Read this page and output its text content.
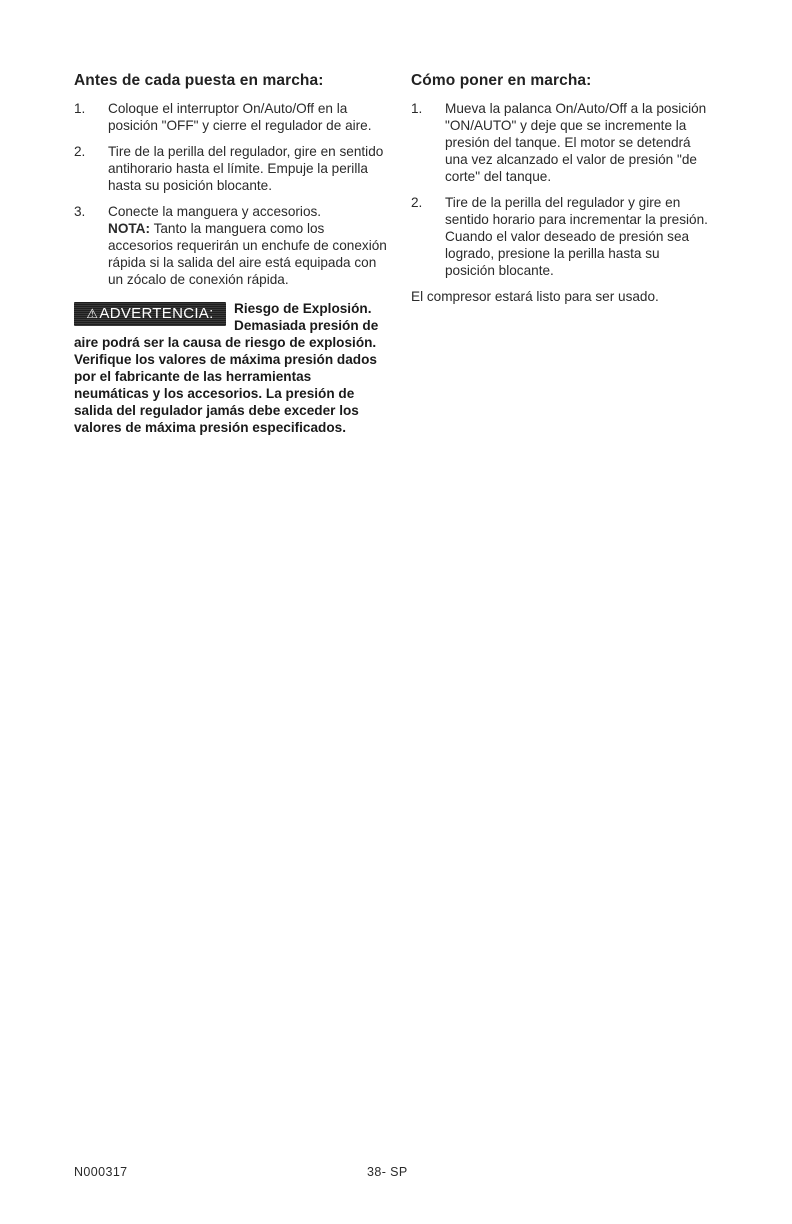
Antes de cada puesta en marcha:
1.	Coloque el interruptor On/Auto/Off en la posición "OFF" y cierre el regulador de aire.
2.	Tire de la perilla del regulador, gire en sentido antihorario hasta el límite. Empuje la perilla hasta su posición blocante.
3.	Conecte la manguera y accesorios.
NOTA: Tanto la manguera como los accesorios requerirán un enchufe de conexión rápida si la salida del aire está equipada con un zócalo de conexión rápida.
⚠ADVERTENCIA:	Riesgo de Explosión. Demasiada presión de aire podrá ser la causa de riesgo de explosión. Verifique los valores de máxima presión dados por el fabricante de las herramientas neumáticas y los accesorios. La presión de salida del regulador jamás debe exceder los valores de máxima presión especificados.
Cómo poner en marcha:
1.	Mueva la palanca On/Auto/Off a la posición "ON/AUTO" y deje que se incremente la presión del tanque. El motor se detendrá una vez alcanzado el valor de presión "de corte" del tanque.
2.	Tire de la perilla del regulador y gire en sentido horario para incrementar la presión. Cuando el valor deseado de presión sea logrado, presione la perilla hasta su posición blocante.

El compresor estará listo para ser usado.

N000317	38- SP
